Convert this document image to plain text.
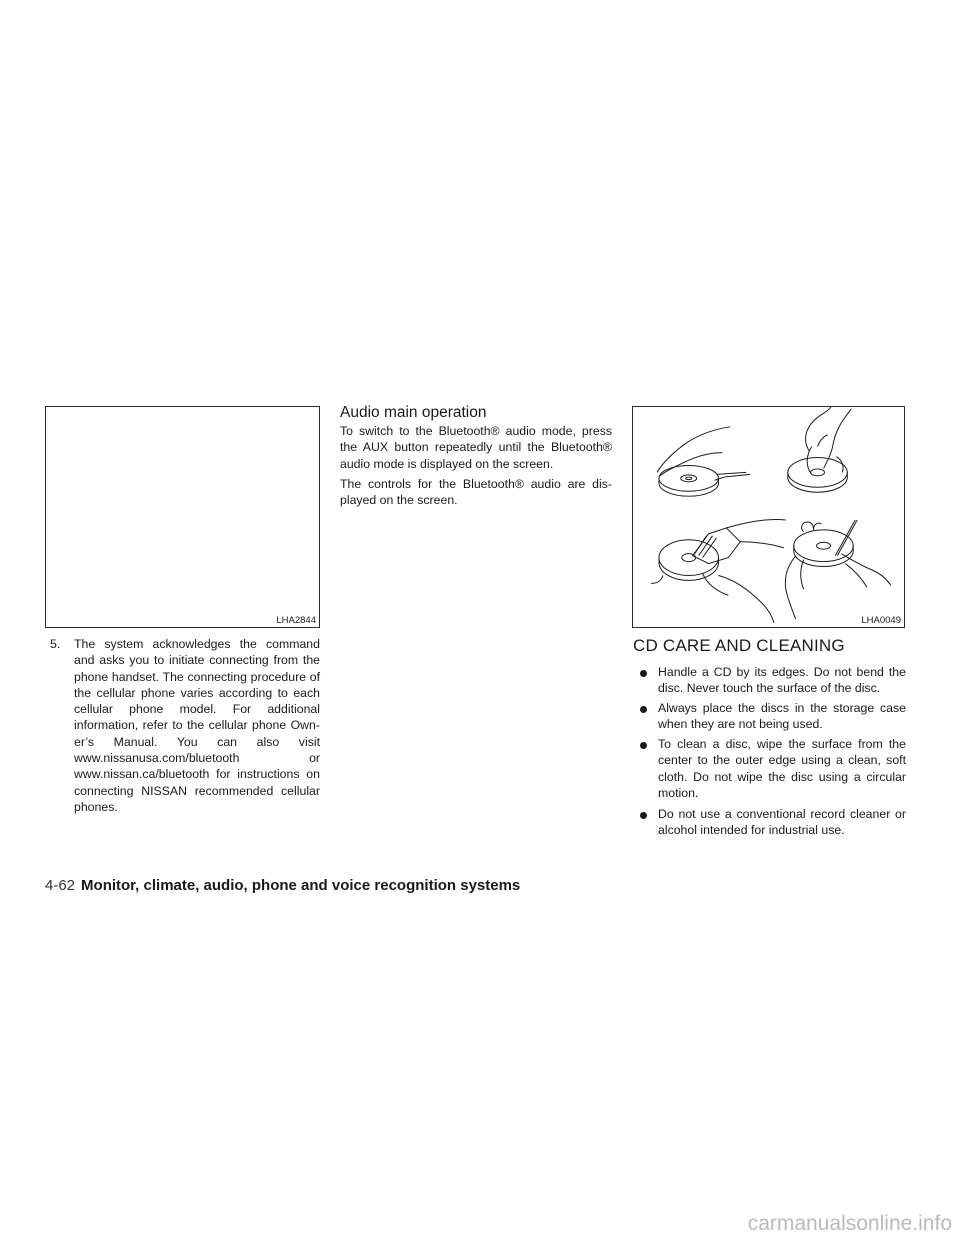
LHA2844
5. The system acknowledges the command and asks you to initiate connecting from the phone handset. The connecting procedure of the cellular phone varies according to each cellular phone model. For additional information, refer to the cellular phone Own-er’s Manual. You can also visit www.nissanusa.com/bluetooth or www.nissan.ca/bluetooth for instructions on connecting NISSAN recommended cellular phones.

Audio main operation

To switch to the Bluetooth® audio mode, press the AUX button repeatedly until the Bluetooth® audio mode is displayed on the screen.

The controls for the Bluetooth® audio are dis-played on the screen.

LHA0049
CD CARE AND CLEANING

Handle a CD by its edges. Do not bend the disc. Never touch the surface of the disc.

Always place the discs in the storage case when they are not being used.

To clean a disc, wipe the surface from the center to the outer edge using a clean, soft cloth. Do not wipe the disc using a circular motion.

Do not use a conventional record cleaner or alcohol intended for industrial use.

4-62 Monitor, climate, audio, phone and voice recognition systems
carmanualsonline.info
